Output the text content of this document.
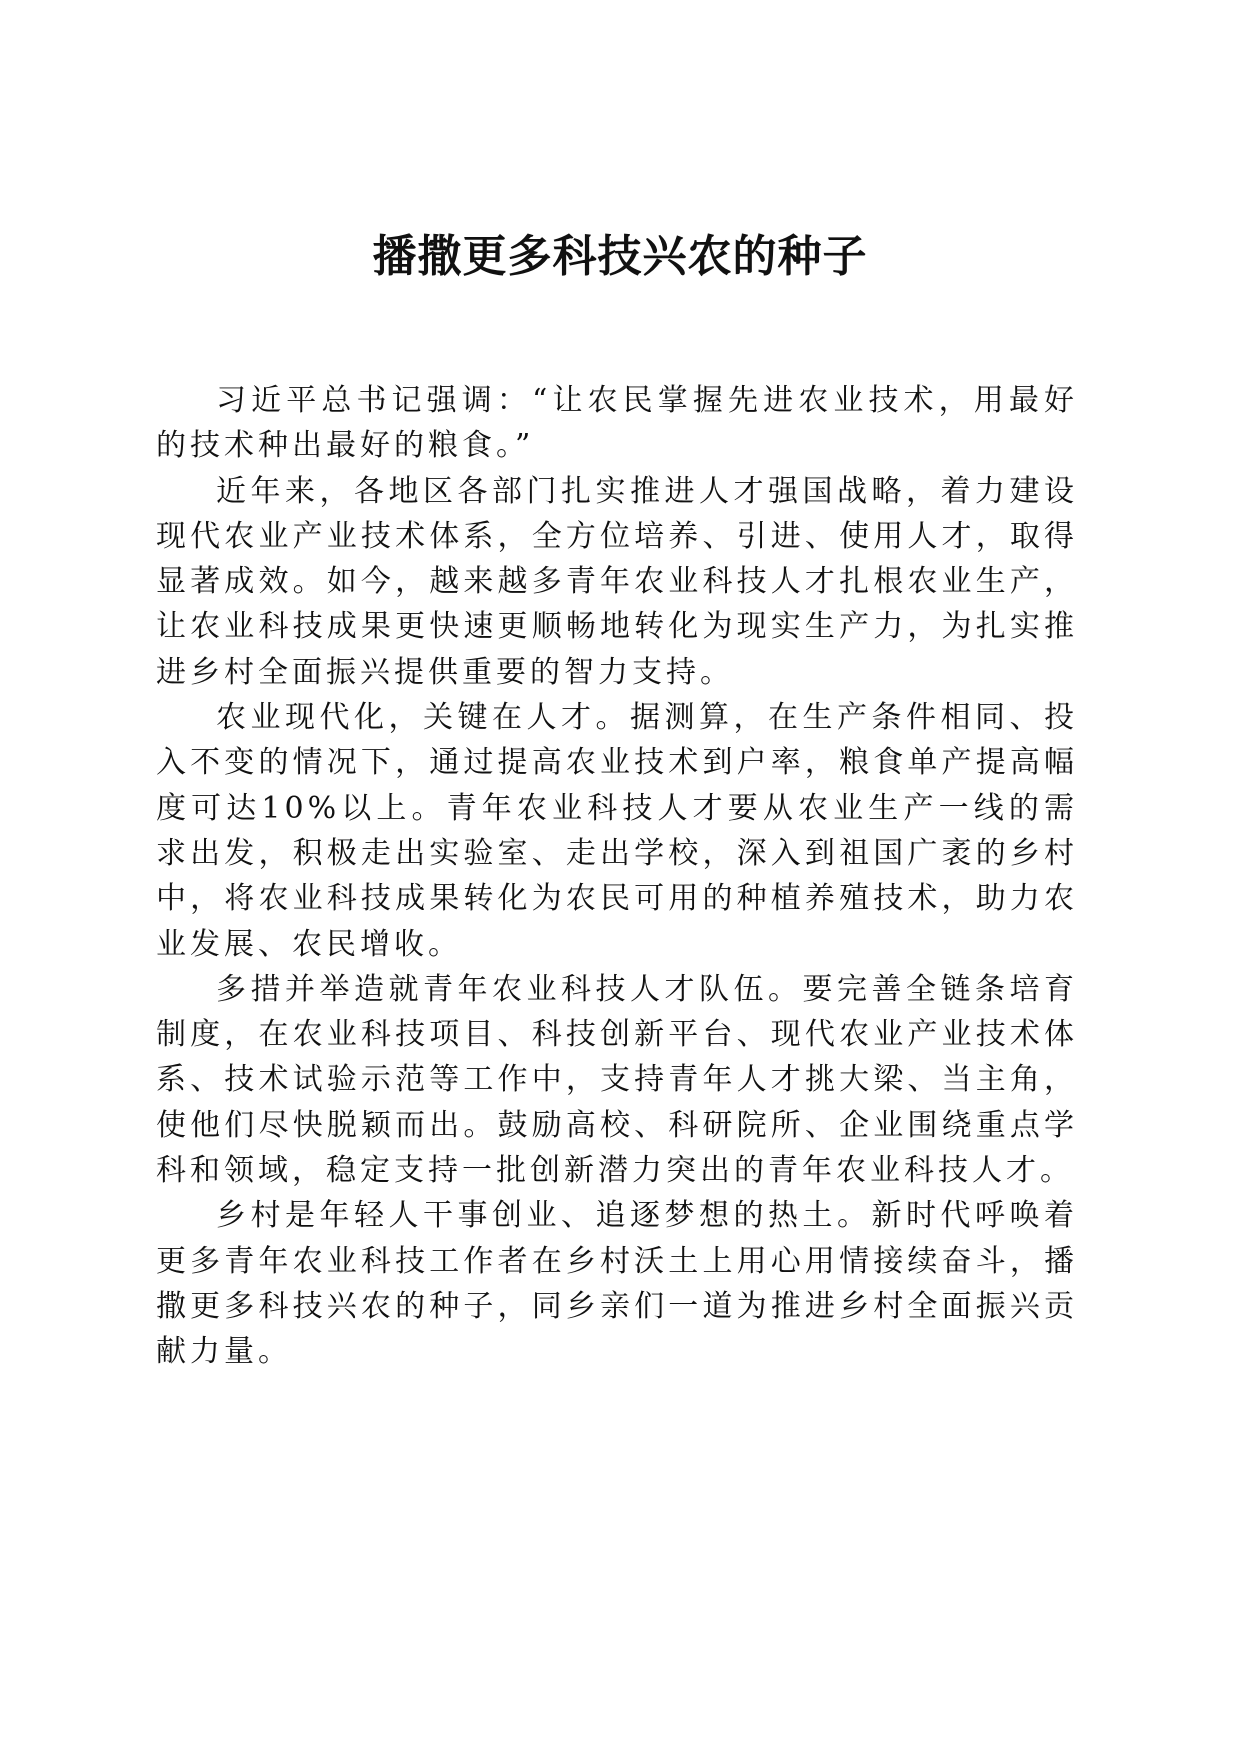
播撒更多科技兴农的种子

习近平总书记强调：“让农民掌握先进农业技术，用最好的技术种出最好的粮食。”

近年来，各地区各部门扎实推进人才强国战略，着力建设现代农业产业技术体系，全方位培养、引进、使用人才，取得显著成效。如今，越来越多青年农业科技人才扎根农业生产，让农业科技成果更快速更顺畅地转化为现实生产力，为扎实推进乡村全面振兴提供重要的智力支持。

农业现代化，关键在人才。据测算，在生产条件相同、投入不变的情况下，通过提高农业技术到户率，粮食单产提高幅度可达10%以上。青年农业科技人才要从农业生产一线的需求出发，积极走出实验室、走出学校，深入到祖国广袤的乡村中，将农业科技成果转化为农民可用的种植养殖技术，助力农业发展、农民增收。

多措并举造就青年农业科技人才队伍。要完善全链条培育制度，在农业科技项目、科技创新平台、现代农业产业技术体系、技术试验示范等工作中，支持青年人才挑大梁、当主角，使他们尽快脱颖而出。鼓励高校、科研院所、企业围绕重点学科和领域，稳定支持一批创新潜力突出的青年农业科技人才。

乡村是年轻人干事创业、追逐梦想的热土。新时代呼唤着更多青年农业科技工作者在乡村沃土上用心用情接续奋斗，播撒更多科技兴农的种子，同乡亲们一道为推进乡村全面振兴贡献力量。
